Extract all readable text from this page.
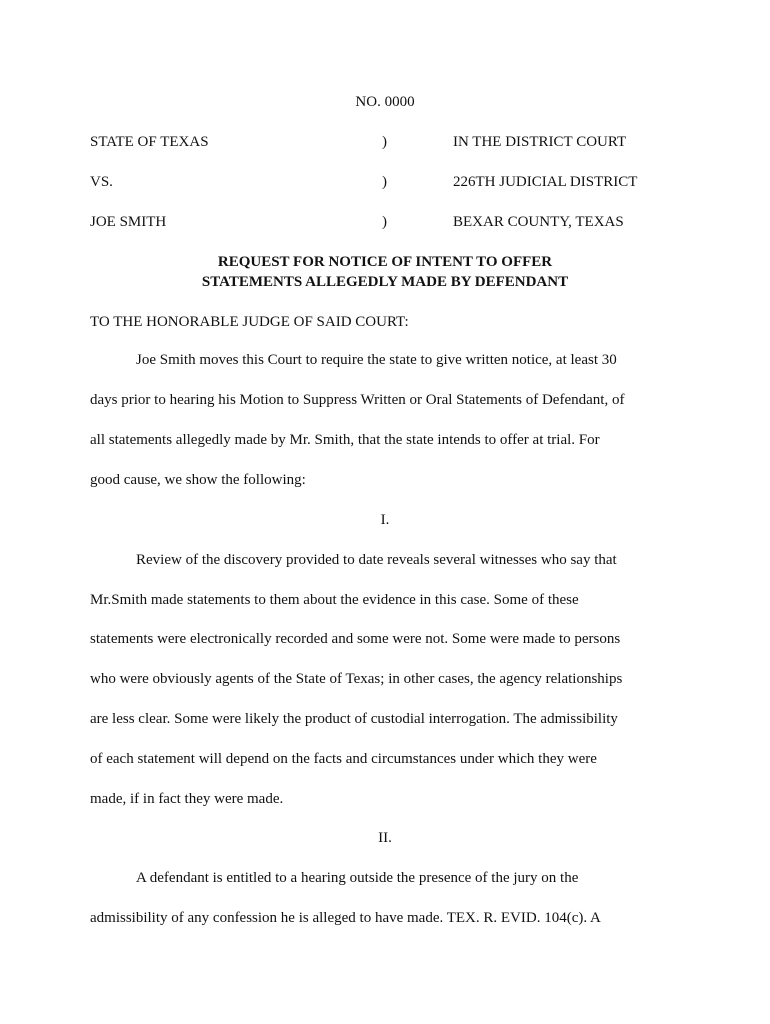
NO. 0000
STATE OF TEXAS	)	IN THE DISTRICT COURT
VS.	)	226TH JUDICIAL DISTRICT
JOE SMITH	)	BEXAR COUNTY, TEXAS
REQUEST FOR NOTICE OF INTENT TO OFFER
STATEMENTS ALLEGEDLY MADE BY DEFENDANT
TO THE HONORABLE JUDGE OF SAID COURT:
Joe Smith moves this Court to require the state to give written notice, at least 30
days prior to hearing his Motion to Suppress Written or Oral Statements of Defendant, of
all statements allegedly made by Mr. Smith, that the state intends to offer at trial. For
good cause, we show the following:
I.
Review of the discovery provided to date reveals several witnesses who say that
Mr.Smith made statements to them about the evidence in this case. Some of these
statements were electronically recorded and some were not. Some were made to persons
who were obviously agents of the State of Texas; in other cases, the agency relationships
are less clear. Some were likely the product of custodial interrogation. The admissibility
of each statement will depend on the facts and circumstances under which they were
made, if in fact they were made.
II.
A defendant is entitled to a hearing outside the presence of the jury on the
admissibility of any confession he is alleged to have made. TEX. R. EVID. 104(c). A
